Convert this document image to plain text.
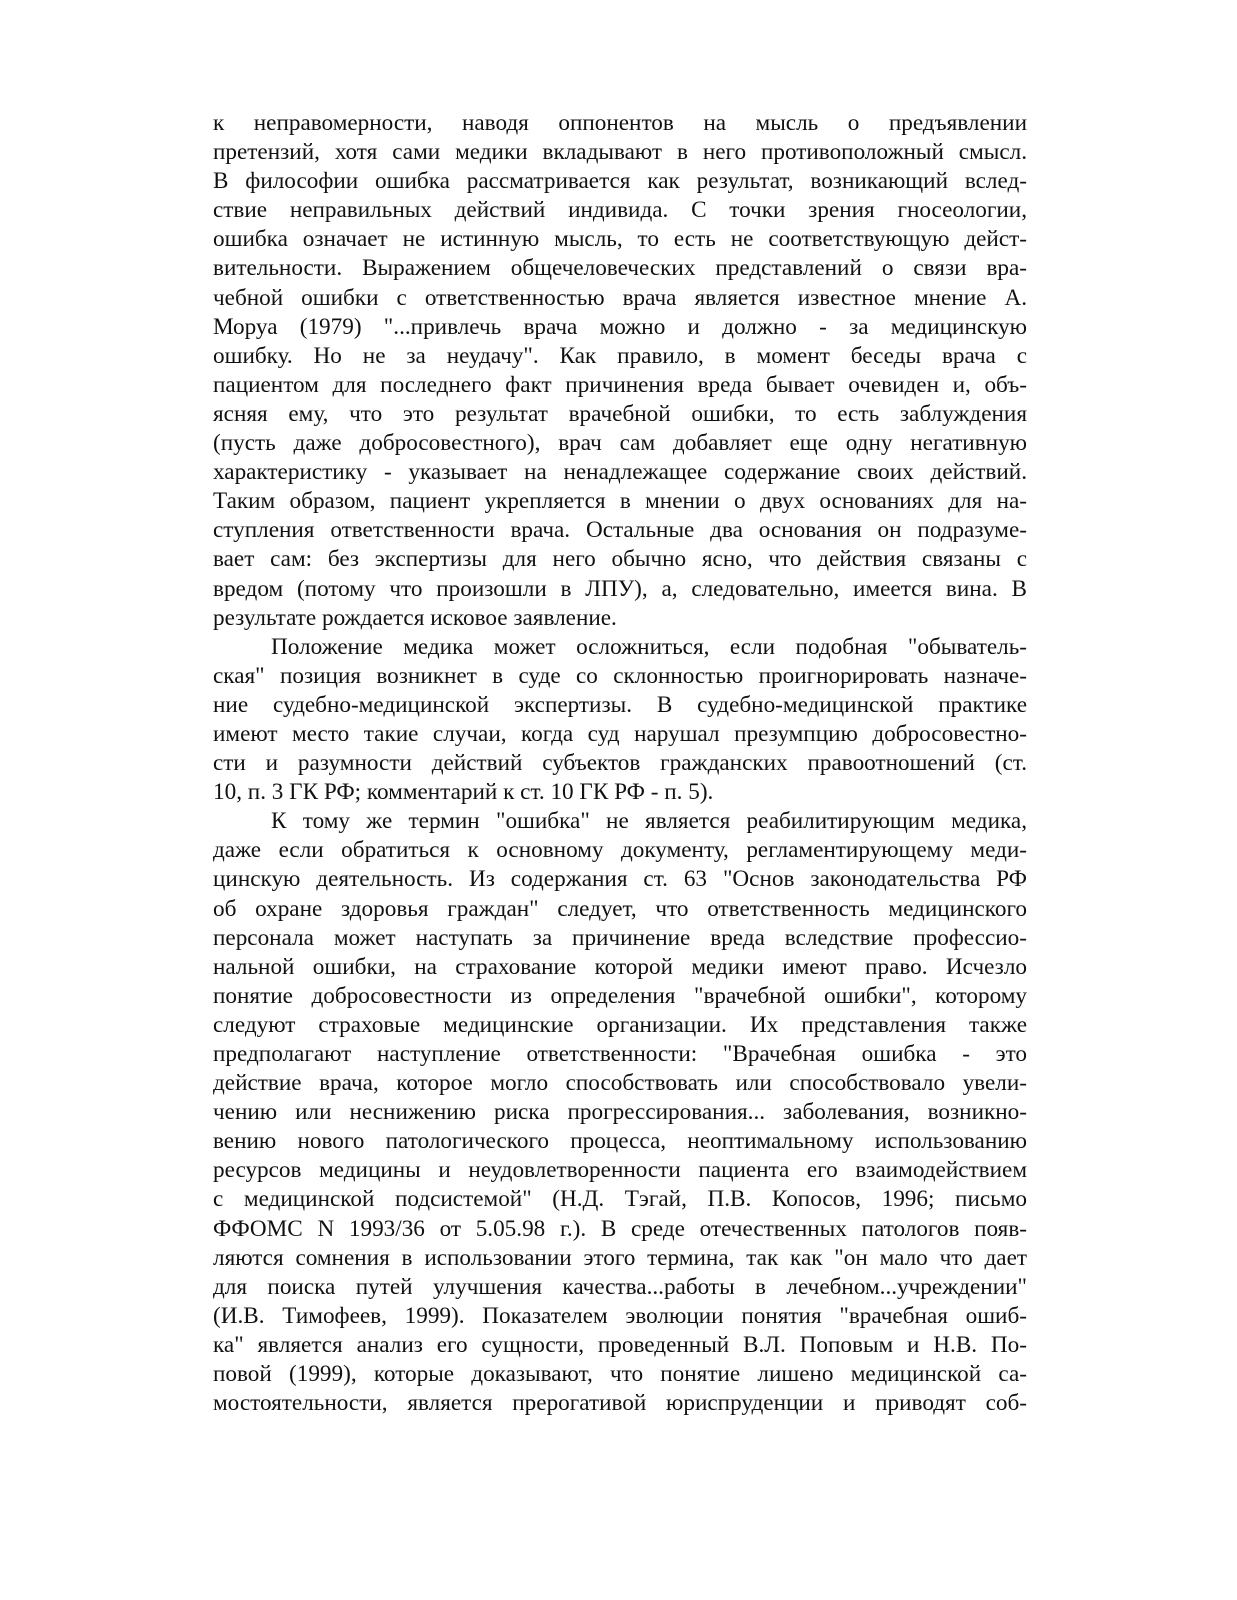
к неправомерности, наводя оппонентов на мысль о предъявлении
претензий, хотя сами медики вкладывают в него противоположный смысл.
В философии ошибка рассматривается как результат, возникающий вслед-
ствие неправильных действий индивида. С точки зрения гносеологии,
ошибка означает не истинную мысль, то есть не соответствующую дейст-
вительности. Выражением общечеловеческих представлений о связи вра-
чебной ошибки с ответственностью врача является известное мнение А.
Моруа (1979) "...привлечь врача можно и должно - за медицинскую
ошибку. Но не за неудачу". Как правило, в момент беседы врача с
пациентом для последнего факт причинения вреда бывает очевиден и, объ-
ясняя ему, что это результат врачебной ошибки, то есть заблуждения
(пусть даже добросовестного), врач сам добавляет еще одну негативную
характеристику - указывает на ненадлежащее содержание своих действий.
Таким образом, пациент укрепляется в мнении о двух основаниях для на-
ступления ответственности врача. Остальные два основания он подразуме-
вает сам: без экспертизы для него обычно ясно, что действия связаны с
вредом (потому что произошли в ЛПУ), а, следовательно, имеется вина. В
результате рождается исковое заявление.
Положение медика может осложниться, если подобная "обыватель-
ская" позиция возникнет в суде со склонностью проигнорировать назначе-
ние судебно-медицинской экспертизы. В судебно-медицинской практике
имеют место такие случаи, когда суд нарушал презумпцию добросовестно-
сти и разумности действий субъектов гражданских правоотношений (ст.
10, п. 3 ГК РФ; комментарий к ст. 10 ГК РФ - п. 5).
К тому же термин "ошибка" не является реабилитирующим медика,
даже если обратиться к основному документу, регламентирующему меди-
цинскую деятельность. Из содержания ст. 63 "Основ законодательства РФ
об охране здоровья граждан" следует, что ответственность медицинского
персонала может наступать за причинение вреда вследствие профессио-
нальной ошибки, на страхование которой медики имеют право. Исчезло
понятие добросовестности из определения "врачебной ошибки", которому
следуют страховые медицинские организации. Их представления также
предполагают наступление ответственности: "Врачебная ошибка - это
действие врача, которое могло способствовать или способствовало увели-
чению или неснижению риска прогрессирования... заболевания, возникно-
вению нового патологического процесса, неоптимальному использованию
ресурсов медицины и неудовлетворенности пациента его взаимодействием
с медицинской подсистемой" (Н.Д. Тэгай, П.В. Копосов, 1996; письмо
ФФОМС N 1993/36 от 5.05.98 г.). В среде отечественных патологов появ-
ляются сомнения в использовании этого термина, так как "он мало что дает
для поиска путей улучшения качества...работы в лечебном...учреждении"
(И.В. Тимофеев, 1999). Показателем эволюции понятия "врачебная ошиб-
ка" является анализ его сущности, проведенный В.Л. Поповым и Н.В. По-
повой (1999), которые доказывают, что понятие лишено медицинской са-
мостоятельности, является прерогативой юриспруденции и приводят соб-
